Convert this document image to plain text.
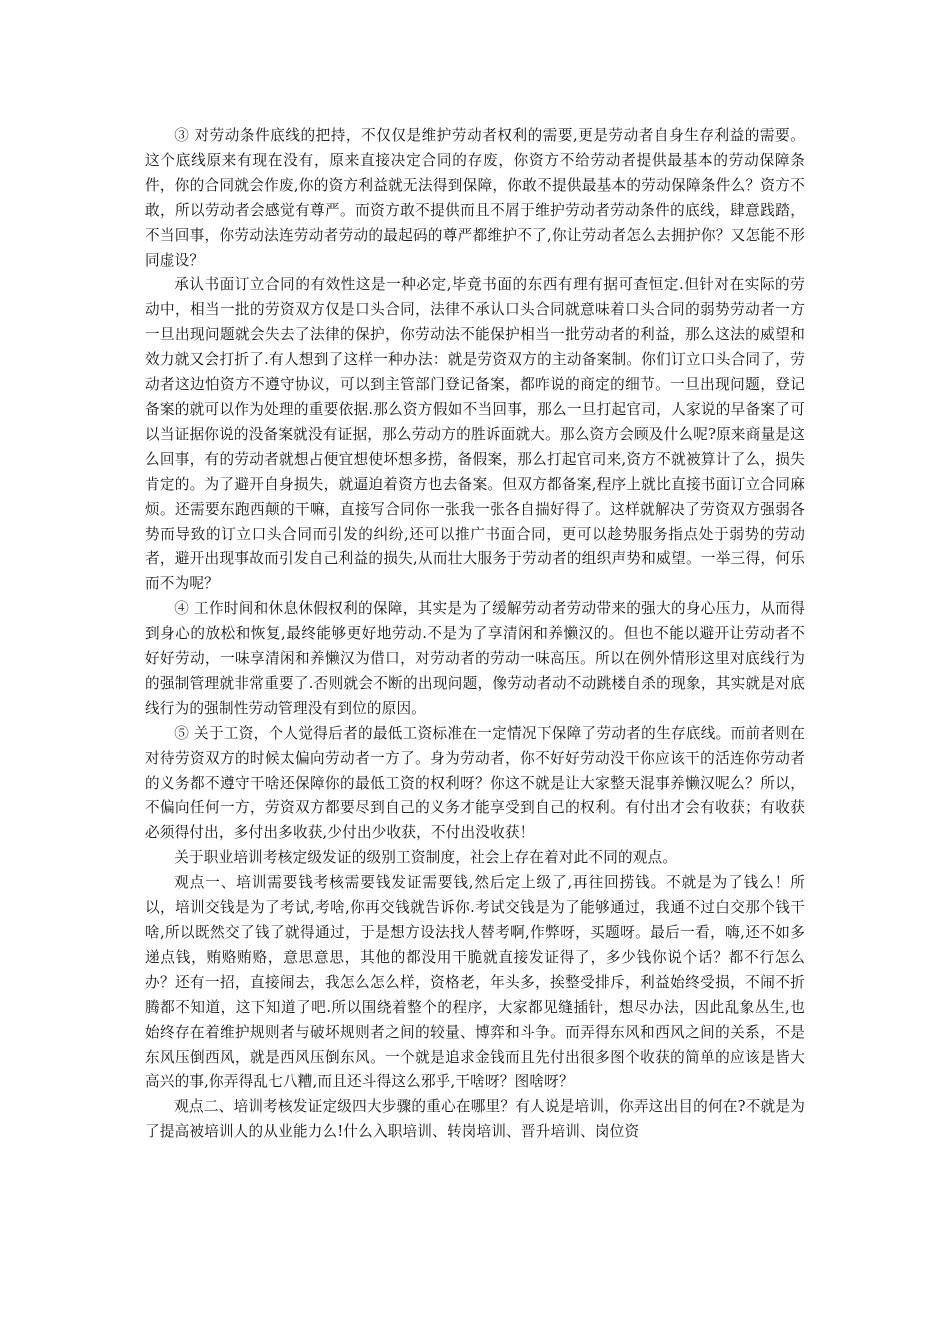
③ 对劳动条件底线的把持，不仅仅是维护劳动者权利的需要,更是劳动者自身生存利益的需要。这个底线原来有现在没有，原来直接决定合同的存废，你资方不给劳动者提供最基本的劳动保障条件，你的合同就会作废,你的资方利益就无法得到保障，你敢不提供最基本的劳动保障条件么？资方不敢，所以劳动者会感觉有尊严。而资方敢不提供而且不屑于维护劳动者劳动条件的底线，肆意践踏，不当回事，你劳动法连劳动者劳动的最起码的尊严都维护不了,你让劳动者怎么去拥护你？又怎能不形同虚设？

承认书面订立合同的有效性这是一种必定,毕竟书面的东西有理有据可查恒定.但针对在实际的劳动中，相当一批的劳资双方仅是口头合同，法律不承认口头合同就意味着口头合同的弱势劳动者一方一旦出现问题就会失去了法律的保护，你劳动法不能保护相当一批劳动者的利益，那么这法的威望和效力就又会打折了.有人想到了这样一种办法：就是劳资双方的主动备案制。你们订立口头合同了，劳动者这边怕资方不遵守协议，可以到主管部门登记备案，都咋说的商定的细节。一旦出现问题，登记备案的就可以作为处理的重要依据.那么资方假如不当回事，那么一旦打起官司，人家说的早备案了可以当证据你说的没备案就没有证据，那么劳动方的胜诉面就大。那么资方会顾及什么呢?原来商量是这么回事，有的劳动者就想占便宜想使坏想多捞，备假案，那么打起官司来,资方不就被算计了么，损失肯定的。为了避开自身损失，就逼迫着资方也去备案。但双方都备案,程序上就比直接书面订立合同麻烦。还需要东跑西颠的干嘛，直接写合同你一张我一张各自揣好得了。这样就解决了劳资双方强弱各势而导致的订立口头合同而引发的纠纷,还可以推广书面合同，更可以趁势服务指点处于弱势的劳动者，避开出现事故而引发自己利益的损失,从而壮大服务于劳动者的组织声势和威望。一举三得，何乐而不为呢？

④ 工作时间和休息休假权利的保障，其实是为了缓解劳动者劳动带来的强大的身心压力，从而得到身心的放松和恢复,最终能够更好地劳动.不是为了享清闲和养懒汉的。但也不能以避开让劳动者不好好劳动，一味享清闲和养懒汉为借口，对劳动者的劳动一味高压。所以在例外情形这里对底线行为的强制管理就非常重要了.否则就会不断的出现问题，像劳动者动不动跳楼自杀的现象，其实就是对底线行为的强制性劳动管理没有到位的原因。

⑤ 关于工资，个人觉得后者的最低工资标准在一定情况下保障了劳动者的生存底线。而前者则在对待劳资双方的时候太偏向劳动者一方了。身为劳动者，你不好好劳动没干你应该干的活连你劳动者的义务都不遵守干啥还保障你的最低工资的权利呀？你这不就是让大家整天混事养懒汉呢么？所以，不偏向任何一方，劳资双方都要尽到自己的义务才能享受到自己的权利。有付出才会有收获；有收获必须得付出，多付出多收获,少付出少收获，不付出没收获！

关于职业培训考核定级发证的级别工资制度，社会上存在着对此不同的观点。

观点一、培训需要钱考核需要钱发证需要钱,然后定上级了,再往回捞钱。不就是为了钱么！所以，培训交钱是为了考试,考啥,你再交钱就告诉你.考试交钱是为了能够通过，我通不过白交那个钱干啥,所以既然交了钱了就得通过，于是想方设法找人替考啊,作弊呀，买题呀。最后一看，嗨,还不如多递点钱，贿赂贿赂，意思意思，其他的都没用干脆就直接发证得了，多少钱你说个话？都不行怎么办？还有一招，直接闹去，我怎么怎么样，资格老，年头多，挨整受排斥，利益始终受损，不闹不折腾都不知道，这下知道了吧.所以围绕着整个的程序，大家都见缝插针，想尽办法，因此乱象丛生,也始终存在着维护规则者与破坏规则者之间的较量、博弈和斗争。而弄得东风和西风之间的关系，不是东风压倒西风，就是西风压倒东风。一个就是追求金钱而且先付出很多图个收获的简单的应该是皆大高兴的事,你弄得乱七八糟,而且还斗得这么邪乎,干啥呀？图啥呀？

观点二、培训考核发证定级四大步骤的重心在哪里？有人说是培训，你弄这出目的何在?不就是为了提高被培训人的从业能力么!什么入职培训、转岗培训、晋升培训、岗位资
